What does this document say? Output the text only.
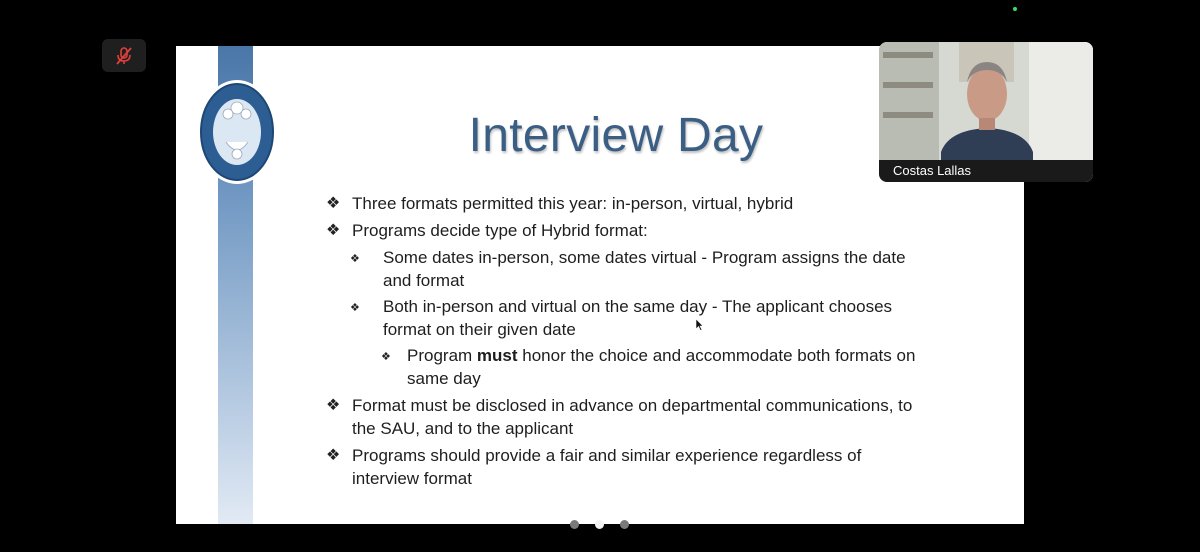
Interview Day
❖ Three formats permitted this year: in-person, virtual, hybrid
❖ Programs decide type of Hybrid format:
❖ Some dates in-person, some dates virtual - Program assigns the date and format
❖ Both in-person and virtual on the same day - The applicant chooses format on their given date
❖ Program must honor the choice and accommodate both formats on same day
❖ Format must be disclosed in advance on departmental communications, to the SAU, and to the applicant
❖ Programs should provide a fair and similar experience regardless of interview format
Costas Lallas
